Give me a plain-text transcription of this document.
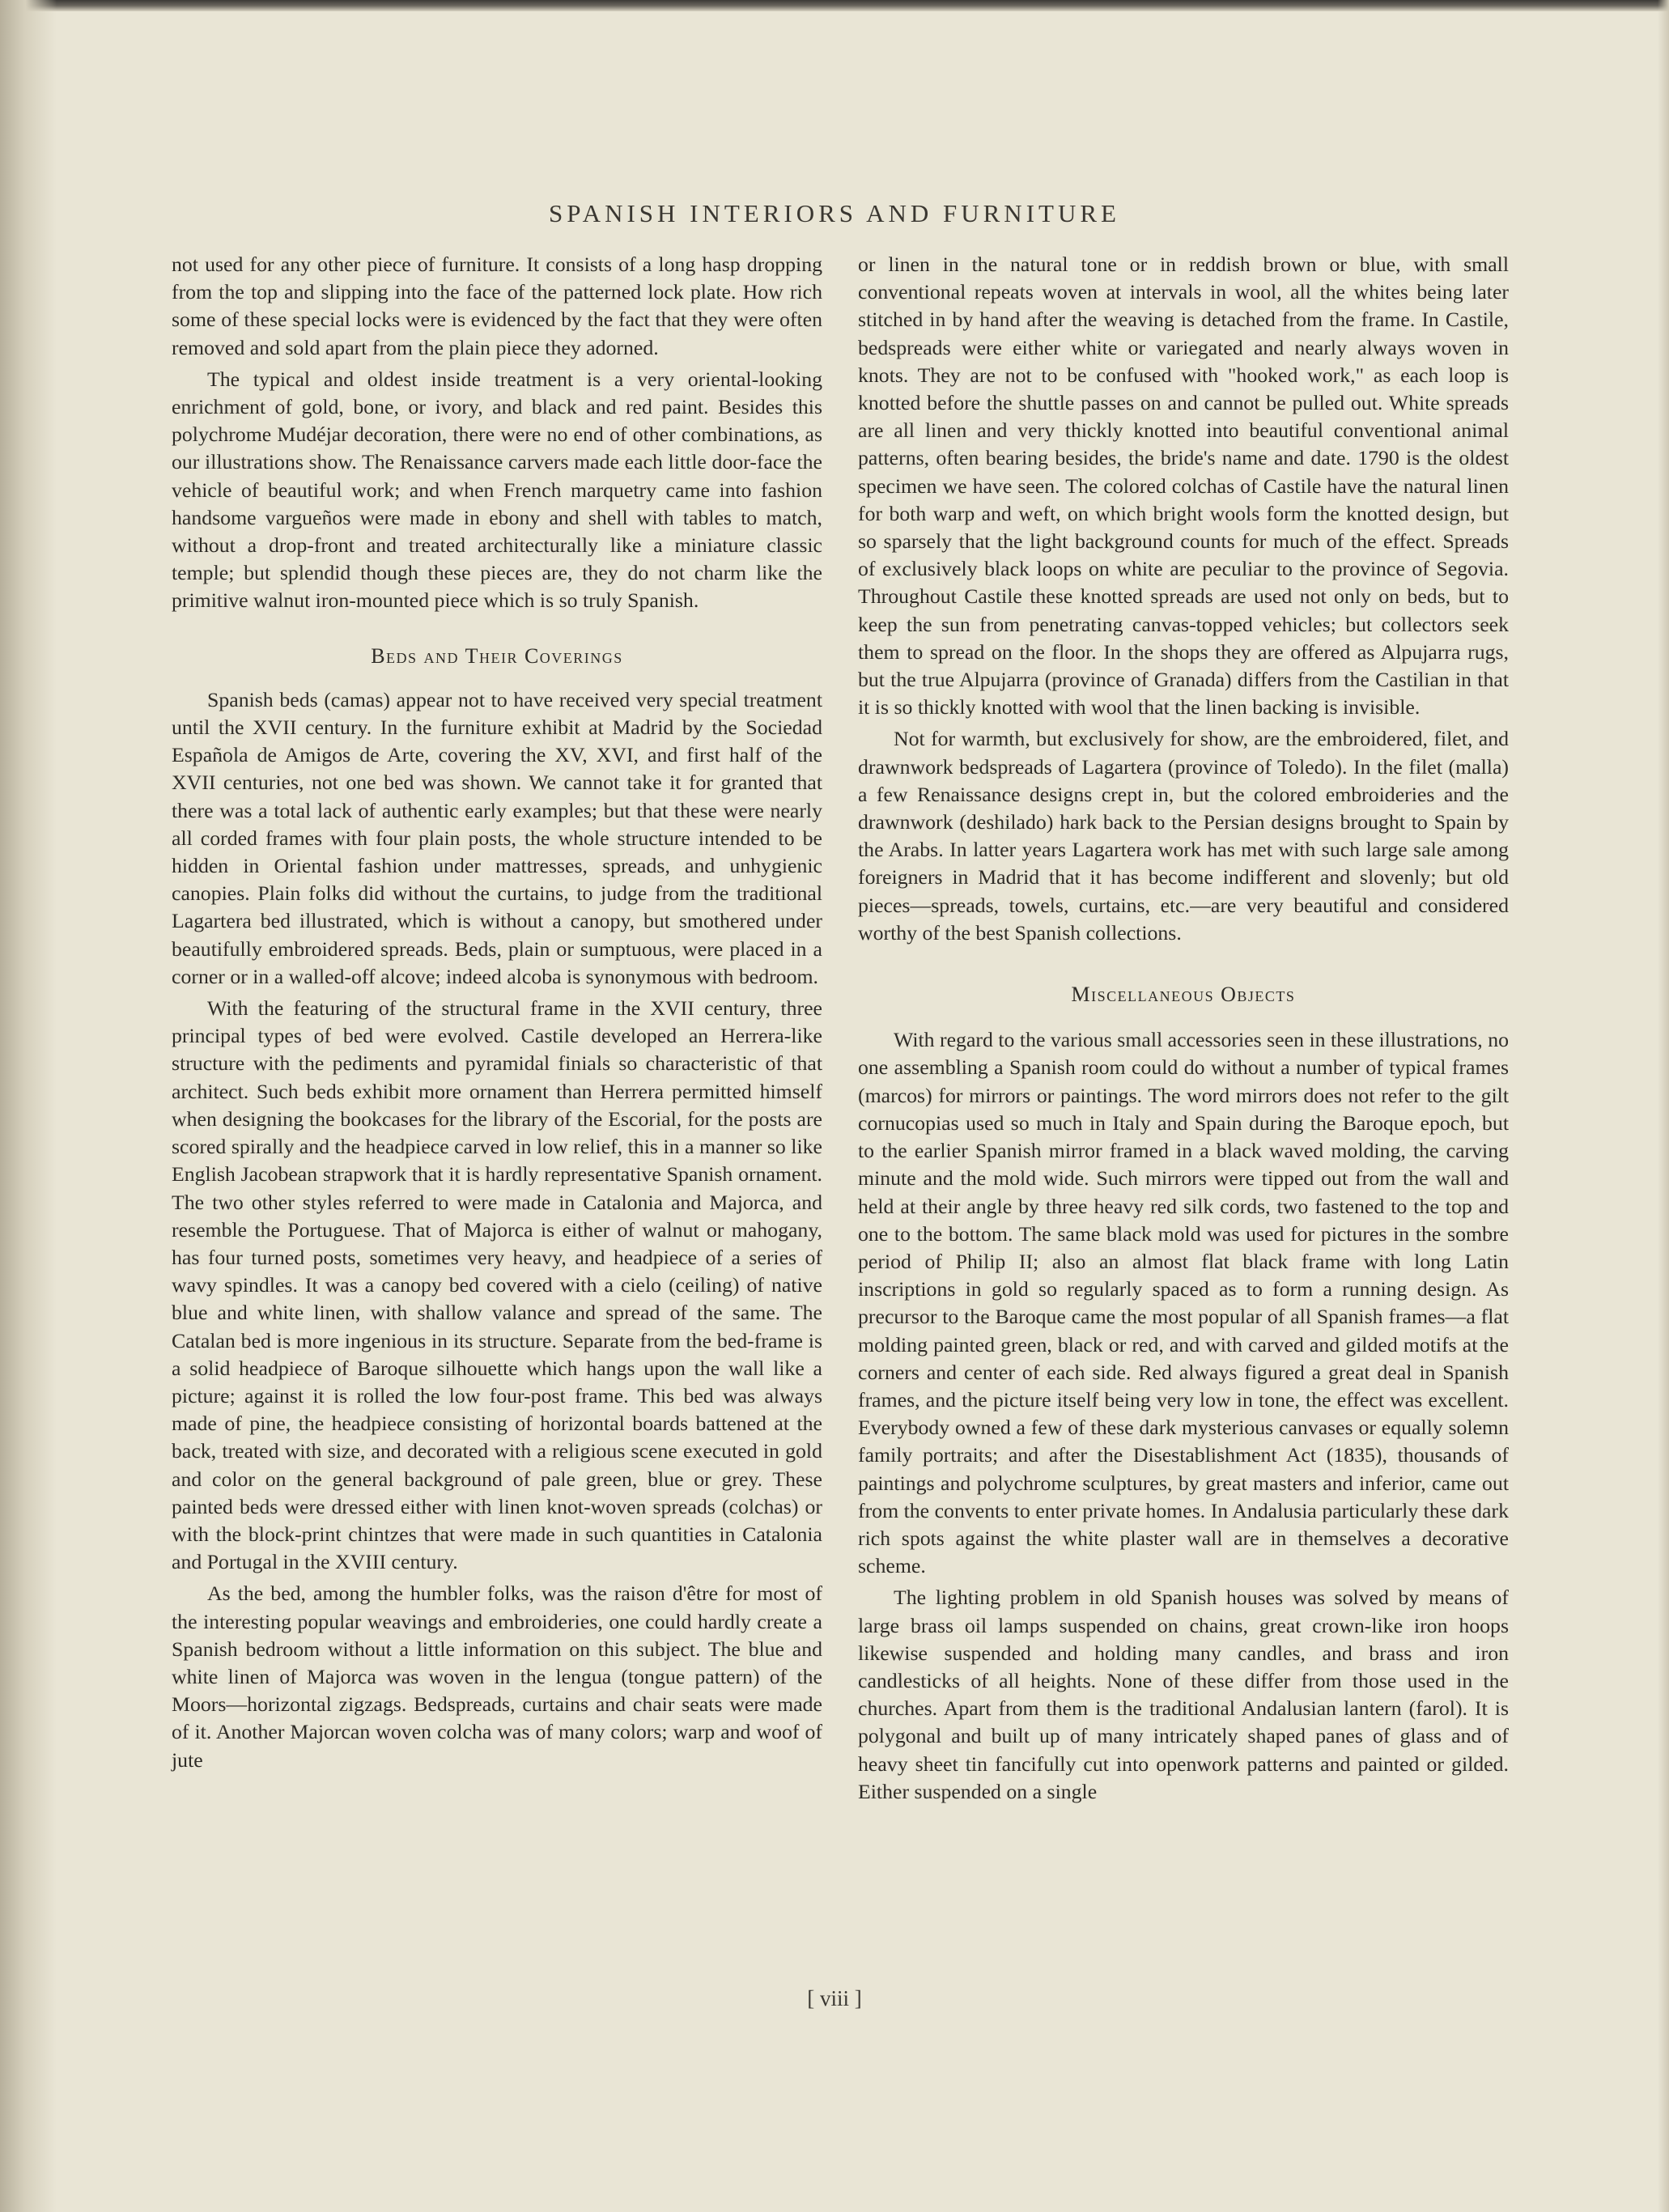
SPANISH INTERIORS AND FURNITURE

not used for any other piece of furniture. It consists of a long hasp dropping from the top and slipping into the face of the patterned lock plate. How rich some of these special locks were is evidenced by the fact that they were often removed and sold apart from the plain piece they adorned.

The typical and oldest inside treatment is a very oriental-looking enrichment of gold, bone, or ivory, and black and red paint. Besides this polychrome Mudéjar decoration, there were no end of other combinations, as our illustrations show. The Renaissance carvers made each little door-face the vehicle of beautiful work; and when French marquetry came into fashion handsome vargueños were made in ebony and shell with tables to match, without a drop-front and treated architecturally like a miniature classic temple; but splendid though these pieces are, they do not charm like the primitive walnut iron-mounted piece which is so truly Spanish.

Beds and Their Coverings

Spanish beds (camas) appear not to have received very special treatment until the XVII century. In the furniture exhibit at Madrid by the Sociedad Española de Amigos de Arte, covering the XV, XVI, and first half of the XVII centuries, not one bed was shown. We cannot take it for granted that there was a total lack of authentic early examples; but that these were nearly all corded frames with four plain posts, the whole structure intended to be hidden in Oriental fashion under mattresses, spreads, and unhygienic canopies. Plain folks did without the curtains, to judge from the traditional Lagartera bed illustrated, which is without a canopy, but smothered under beautifully embroidered spreads. Beds, plain or sumptuous, were placed in a corner or in a walled-off alcove; indeed alcoba is synonymous with bedroom.

With the featuring of the structural frame in the XVII century, three principal types of bed were evolved. Castile developed an Herrera-like structure with the pediments and pyramidal finials so characteristic of that architect. Such beds exhibit more ornament than Herrera permitted himself when designing the bookcases for the library of the Escorial, for the posts are scored spirally and the headpiece carved in low relief, this in a manner so like English Jacobean strapwork that it is hardly representative Spanish ornament. The two other styles referred to were made in Catalonia and Majorca, and resemble the Portuguese. That of Majorca is either of walnut or mahogany, has four turned posts, sometimes very heavy, and headpiece of a series of wavy spindles. It was a canopy bed covered with a cielo (ceiling) of native blue and white linen, with shallow valance and spread of the same. The Catalan bed is more ingenious in its structure. Separate from the bed-frame is a solid headpiece of Baroque silhouette which hangs upon the wall like a picture; against it is rolled the low four-post frame. This bed was always made of pine, the headpiece consisting of horizontal boards battened at the back, treated with size, and decorated with a religious scene executed in gold and color on the general background of pale green, blue or grey. These painted beds were dressed either with linen knot-woven spreads (colchas) or with the block-print chintzes that were made in such quantities in Catalonia and Portugal in the XVIII century.

As the bed, among the humbler folks, was the raison d'être for most of the interesting popular weavings and embroideries, one could hardly create a Spanish bedroom without a little information on this subject. The blue and white linen of Majorca was woven in the lengua (tongue pattern) of the Moors—horizontal zigzags. Bedspreads, curtains and chair seats were made of it. Another Majorcan woven colcha was of many colors; warp and woof of jute

or linen in the natural tone or in reddish brown or blue, with small conventional repeats woven at intervals in wool, all the whites being later stitched in by hand after the weaving is detached from the frame. In Castile, bedspreads were either white or variegated and nearly always woven in knots. They are not to be confused with "hooked work," as each loop is knotted before the shuttle passes on and cannot be pulled out. White spreads are all linen and very thickly knotted into beautiful conventional animal patterns, often bearing besides, the bride's name and date. 1790 is the oldest specimen we have seen. The colored colchas of Castile have the natural linen for both warp and weft, on which bright wools form the knotted design, but so sparsely that the light background counts for much of the effect. Spreads of exclusively black loops on white are peculiar to the province of Segovia. Throughout Castile these knotted spreads are used not only on beds, but to keep the sun from penetrating canvas-topped vehicles; but collectors seek them to spread on the floor. In the shops they are offered as Alpujarra rugs, but the true Alpujarra (province of Granada) differs from the Castilian in that it is so thickly knotted with wool that the linen backing is invisible.

Not for warmth, but exclusively for show, are the embroidered, filet, and drawnwork bedspreads of Lagartera (province of Toledo). In the filet (malla) a few Renaissance designs crept in, but the colored embroideries and the drawnwork (deshilado) hark back to the Persian designs brought to Spain by the Arabs. In latter years Lagartera work has met with such large sale among foreigners in Madrid that it has become indifferent and slovenly; but old pieces—spreads, towels, curtains, etc.—are very beautiful and considered worthy of the best Spanish collections.

Miscellaneous Objects

With regard to the various small accessories seen in these illustrations, no one assembling a Spanish room could do without a number of typical frames (marcos) for mirrors or paintings. The word mirrors does not refer to the gilt cornucopias used so much in Italy and Spain during the Baroque epoch, but to the earlier Spanish mirror framed in a black waved molding, the carving minute and the mold wide. Such mirrors were tipped out from the wall and held at their angle by three heavy red silk cords, two fastened to the top and one to the bottom. The same black mold was used for pictures in the sombre period of Philip II; also an almost flat black frame with long Latin inscriptions in gold so regularly spaced as to form a running design. As precursor to the Baroque came the most popular of all Spanish frames—a flat molding painted green, black or red, and with carved and gilded motifs at the corners and center of each side. Red always figured a great deal in Spanish frames, and the picture itself being very low in tone, the effect was excellent. Everybody owned a few of these dark mysterious canvases or equally solemn family portraits; and after the Disestablishment Act (1835), thousands of paintings and polychrome sculptures, by great masters and inferior, came out from the convents to enter private homes. In Andalusia particularly these dark rich spots against the white plaster wall are in themselves a decorative scheme.

The lighting problem in old Spanish houses was solved by means of large brass oil lamps suspended on chains, great crown-like iron hoops likewise suspended and holding many candles, and brass and iron candlesticks of all heights. None of these differ from those used in the churches. Apart from them is the traditional Andalusian lantern (farol). It is polygonal and built up of many intricately shaped panes of glass and of heavy sheet tin fancifully cut into openwork patterns and painted or gilded. Either suspended on a single

[ viii ]
